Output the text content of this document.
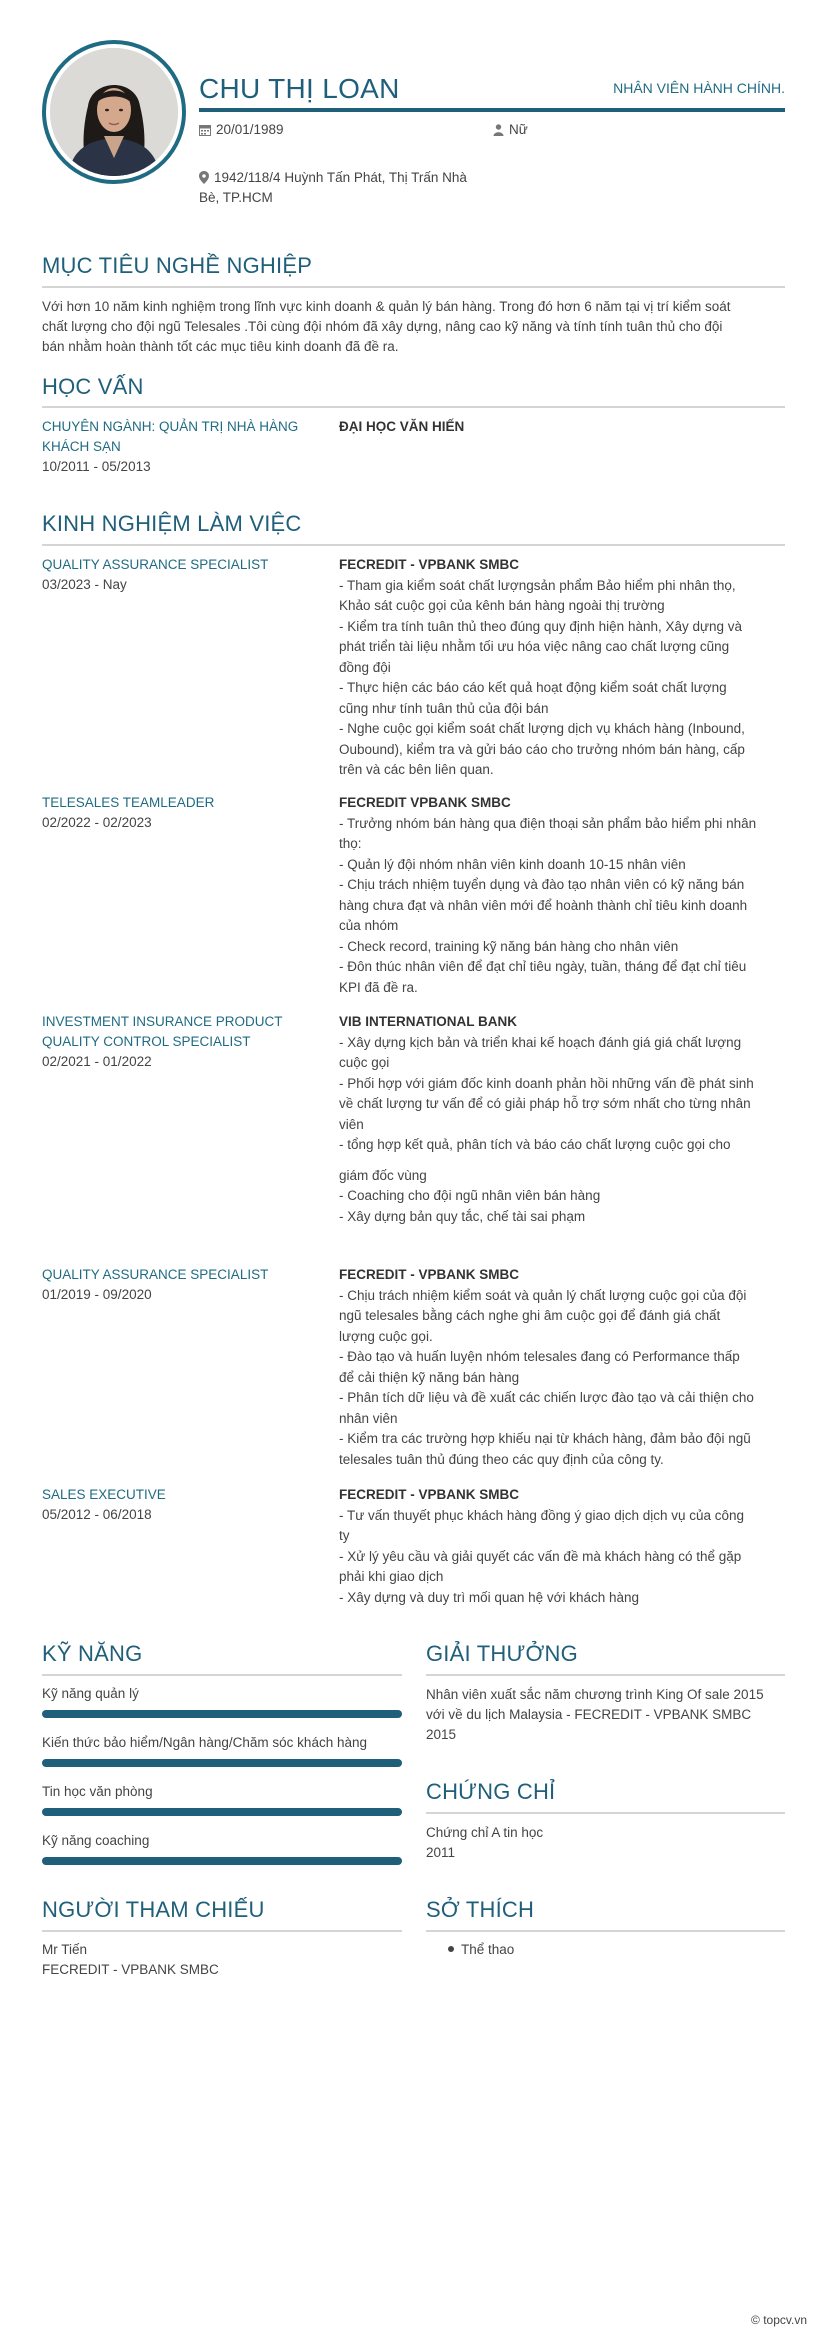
CHU THỊ LOAN	NHÂN VIÊN HÀNH CHÍNH.
20/01/1989	Nữ
1942/118/4 Huỳnh Tấn Phát, Thị Trấn Nhà
Bè, TP.HCM
MỤC TIÊU NGHỀ NGHIỆP
Với hơn 10 năm kinh nghiệm trong lĩnh vực kinh doanh & quản lý bán hàng. Trong đó hơn 6 năm tại vị trí kiểm soát
chất lượng cho đội ngũ Telesales .Tôi cùng đội nhóm đã xây dựng, nâng cao kỹ năng và tính tính tuân thủ cho đội
bán nhằm hoàn thành tốt các mục tiêu kinh doanh đã đề ra.
HỌC VẤN
CHUYÊN NGÀNH: QUẢN TRỊ NHÀ HÀNG KHÁCH SẠN
10/2011 - 05/2013
ĐẠI HỌC VĂN HIẾN
KINH NGHIỆM LÀM VIỆC
QUALITY ASSURANCE SPECIALIST
03/2023 - Nay
FECREDIT - VPBANK SMBC
- Tham gia kiểm soát chất lượngsản phẩm Bảo hiểm phi nhân thọ,
Khảo sát cuộc gọi của kênh bán hàng ngoài thị trường
- Kiểm tra tính tuân thủ theo đúng quy định hiện hành, Xây dựng và
phát triển tài liệu nhằm tối ưu hóa việc nâng cao chất lượng cũng
đồng đội
- Thực hiện các báo cáo kết quả hoạt động kiểm soát chất lượng
cũng như tính tuân thủ của đội bán
- Nghe cuộc gọi kiểm soát chất lượng dịch vụ khách hàng (Inbound,
Oubound), kiểm tra và gửi báo cáo cho trưởng nhóm bán hàng, cấp
trên và các bên liên quan.
TELESALES TEAMLEADER
02/2022 - 02/2023
FECREDIT VPBANK SMBC
- Trưởng nhóm bán hàng qua điện thoại sản phẩm bảo hiểm phi nhân
thọ:
- Quản lý đội nhóm nhân viên kinh doanh 10-15 nhân viên
- Chịu trách nhiệm tuyển dụng và đào tạo nhân viên có kỹ năng bán
hàng chưa đạt và nhân viên mới để hoành thành chỉ tiêu kinh doanh
của nhóm
- Check record, training kỹ năng bán hàng cho nhân viên
- Đôn thúc nhân viên để đạt chỉ tiêu ngày, tuần, tháng để đạt chỉ tiêu
KPI đã đề ra.
INVESTMENT INSURANCE PRODUCT QUALITY CONTROL SPECIALIST
02/2021 - 01/2022
VIB INTERNATIONAL BANK
- Xây dựng kịch bản và triển khai kế hoạch đánh giá giá chất lượng
cuộc gọi
- Phối hợp với giám đốc kinh doanh phản hồi những vấn đề phát sinh
về chất lượng tư vấn để có giải pháp hỗ trợ sớm nhất cho từng nhân
viên
- tổng hợp kết quả, phân tích và báo cáo chất lượng cuộc gọi cho
giám đốc vùng
- Coaching cho đội ngũ nhân viên bán hàng
- Xây dựng bản quy tắc, chế tài sai phạm
QUALITY ASSURANCE SPECIALIST
01/2019 - 09/2020
FECREDIT - VPBANK SMBC
- Chịu trách nhiệm kiểm soát và quản lý chất lượng cuộc gọi của đội
ngũ telesales bằng cách nghe ghi âm cuộc gọi để đánh giá chất
lượng cuộc gọi.
- Đào tạo và huấn luyện nhóm telesales đang có Performance thấp
để cải thiện kỹ năng bán hàng
- Phân tích dữ liệu và đề xuất các chiến lược đào tạo và cải thiện cho
nhân viên
- Kiểm tra các trường hợp khiếu nại từ khách hàng, đảm bảo đội ngũ
telesales tuân thủ đúng theo các quy định của công ty.
SALES EXECUTIVE
05/2012 - 06/2018
FECREDIT - VPBANK SMBC
- Tư vấn thuyết phục khách hàng đồng ý giao dịch dịch vụ của công
ty
- Xử lý yêu cầu và giải quyết các vấn đề mà khách hàng có thể gặp
phải khi giao dịch
- Xây dựng và duy trì mối quan hệ với khách hàng
KỸ NĂNG
Kỹ năng quản lý
Kiến thức bảo hiểm/Ngân hàng/Chăm sóc khách hàng
Tin học văn phòng
Kỹ năng coaching
GIẢI THƯỞNG
Nhân viên xuất sắc năm chương trình King Of sale 2015
với về du lịch Malaysia - FECREDIT - VPBANK SMBC
2015
CHỨNG CHỈ
Chứng chỉ A tin học
2011
NGƯỜI THAM CHIẾU
Mr Tiến
FECREDIT - VPBANK SMBC
SỞ THÍCH
Thể thao
© topcv.vn
